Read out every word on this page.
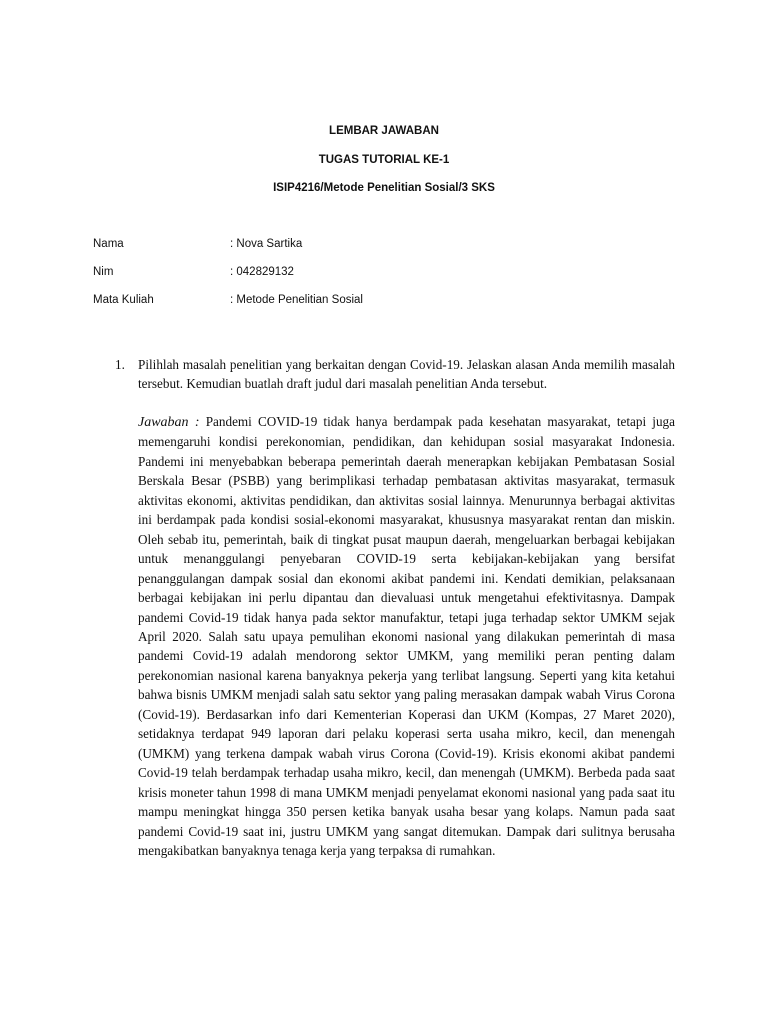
LEMBAR JAWABAN

TUGAS TUTORIAL KE-1

ISIP4216/Metode Penelitian Sosial/3 SKS

Nama	: Nova Sartika
Nim	: 042829132
Mata Kuliah	: Metode Penelitian Sosial
1. Pilihlah masalah penelitian yang berkaitan dengan Covid-19. Jelaskan alasan Anda memilih masalah tersebut. Kemudian buatlah draft judul dari masalah penelitian Anda tersebut.

Jawaban : Pandemi COVID-19 tidak hanya berdampak pada kesehatan masyarakat, tetapi juga memengaruhi kondisi perekonomian, pendidikan, dan kehidupan sosial masyarakat Indonesia. Pandemi ini menyebabkan beberapa pemerintah daerah menerapkan kebijakan Pembatasan Sosial Berskala Besar (PSBB) yang berimplikasi terhadap pembatasan aktivitas masyarakat, termasuk aktivitas ekonomi, aktivitas pendidikan, dan aktivitas sosial lainnya. Menurunnya berbagai aktivitas ini berdampak pada kondisi sosial-ekonomi masyarakat, khususnya masyarakat rentan dan miskin. Oleh sebab itu, pemerintah, baik di tingkat pusat maupun daerah, mengeluarkan berbagai kebijakan untuk menanggulangi penyebaran COVID-19 serta kebijakan-kebijakan yang bersifat penanggulangan dampak sosial dan ekonomi akibat pandemi ini. Kendati demikian, pelaksanaan berbagai kebijakan ini perlu dipantau dan dievaluasi untuk mengetahui efektivitasnya. Dampak pandemi Covid-19 tidak hanya pada sektor manufaktur, tetapi juga terhadap sektor UMKM sejak April 2020. Salah satu upaya pemulihan ekonomi nasional yang dilakukan pemerintah di masa pandemi Covid-19 adalah mendorong sektor UMKM, yang memiliki peran penting dalam perekonomian nasional karena banyaknya pekerja yang terlibat langsung. Seperti yang kita ketahui bahwa bisnis UMKM menjadi salah satu sektor yang paling merasakan dampak wabah Virus Corona (Covid-19). Berdasarkan info dari Kementerian Koperasi dan UKM (Kompas, 27 Maret 2020), setidaknya terdapat 949 laporan dari pelaku koperasi serta usaha mikro, kecil, dan menengah (UMKM) yang terkena dampak wabah virus Corona (Covid-19). Krisis ekonomi akibat pandemi Covid-19 telah berdampak terhadap usaha mikro, kecil, dan menengah (UMKM). Berbeda pada saat krisis moneter tahun 1998 di mana UMKM menjadi penyelamat ekonomi nasional yang pada saat itu mampu meningkat hingga 350 persen ketika banyak usaha besar yang kolaps. Namun pada saat pandemi Covid-19 saat ini, justru UMKM yang sangat ditemukan. Dampak dari sulitnya berusaha mengakibatkan banyaknya tenaga kerja yang terpaksa di rumahkan.
